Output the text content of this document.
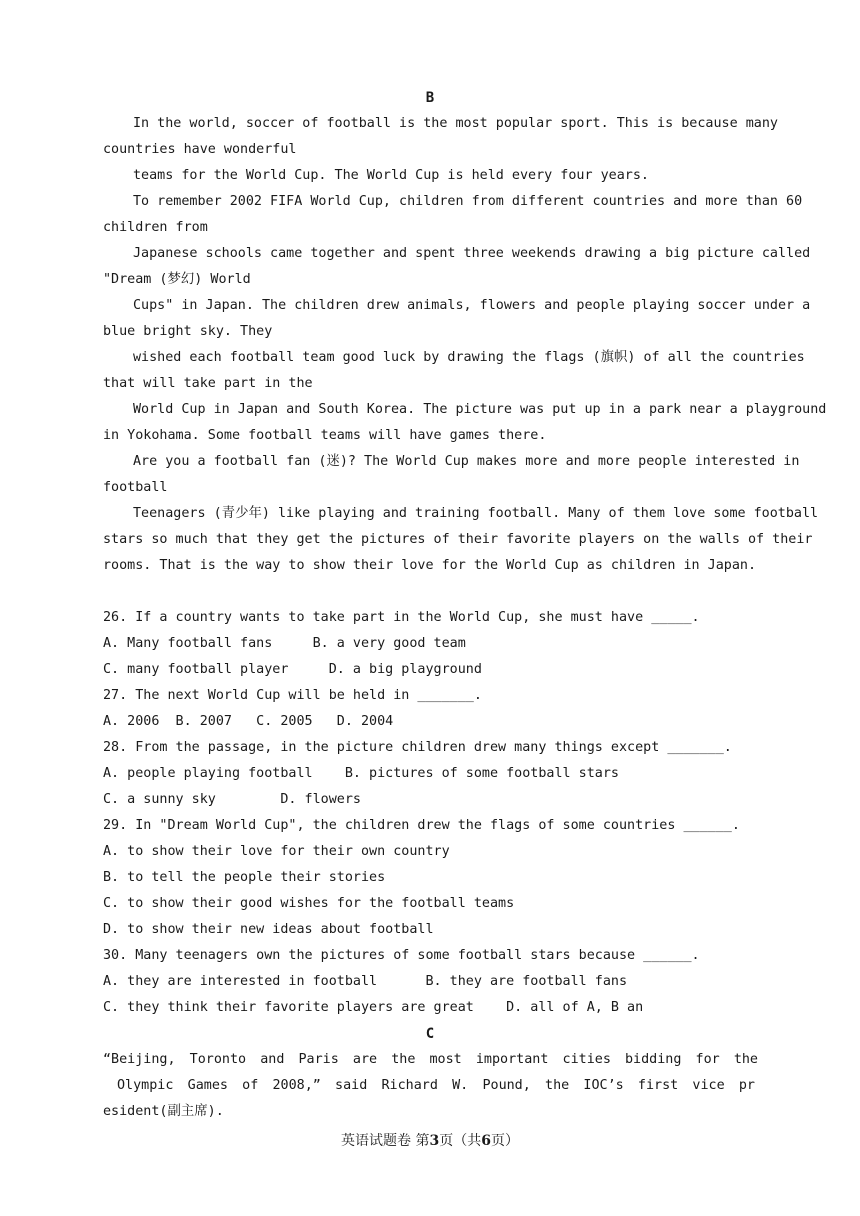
B
In the world, soccer of football is the most popular sport. This is because many
countries have wonderful
teams for the World Cup. The World Cup is held every four years.
To remember 2002 FIFA World Cup, children from different countries and more than 60
children from
Japanese schools came together and spent three weekends drawing a big picture called
"Dream (梦幻) World
Cups" in Japan. The children drew animals, flowers and people playing soccer under a
blue bright sky. They
wished each football team good luck by drawing the flags (旗帜) of all the countries
that will take part in the
World Cup in Japan and South Korea. The picture was put up in a park near a playground
in Yokohama. Some football teams will have games there.
Are you a football fan (迷)? The World Cup makes more and more people interested in
football
Teenagers (青少年) like playing and training football. Many of them love some football
stars so much that they get the pictures of their favorite players on the walls of their
rooms. That is the way to show their love for the World Cup as children in Japan.
26. If a country wants to take part in the World Cup, she must have _____.
A. Many football fans     B. a very good team
C. many football player     D. a big playground
27. The next World Cup will be held in _______.
A. 2006  B. 2007   C. 2005   D. 2004
28. From the passage, in the picture children drew many things except _______.
A. people playing football    B. pictures of some football stars
C. a sunny sky        D. flowers
29. In "Dream World Cup", the children drew the flags of some countries ______.
A. to show their love for their own country
B. to tell the people their stories
C. to show their good wishes for the football teams
D. to show their new ideas about football
30. Many teenagers own the pictures of some football stars because ______.
A. they are interested in football      B. they are football fans
C. they think their favorite players are great    D. all of A, B an
C
“Beijing, Toronto and Paris are the most important cities bidding for the
Olympic Games of 2008,” said Richard W. Pound, the IOC’s first vice pr
esident(副主席).
英语试题卷 第3页（共6页）
